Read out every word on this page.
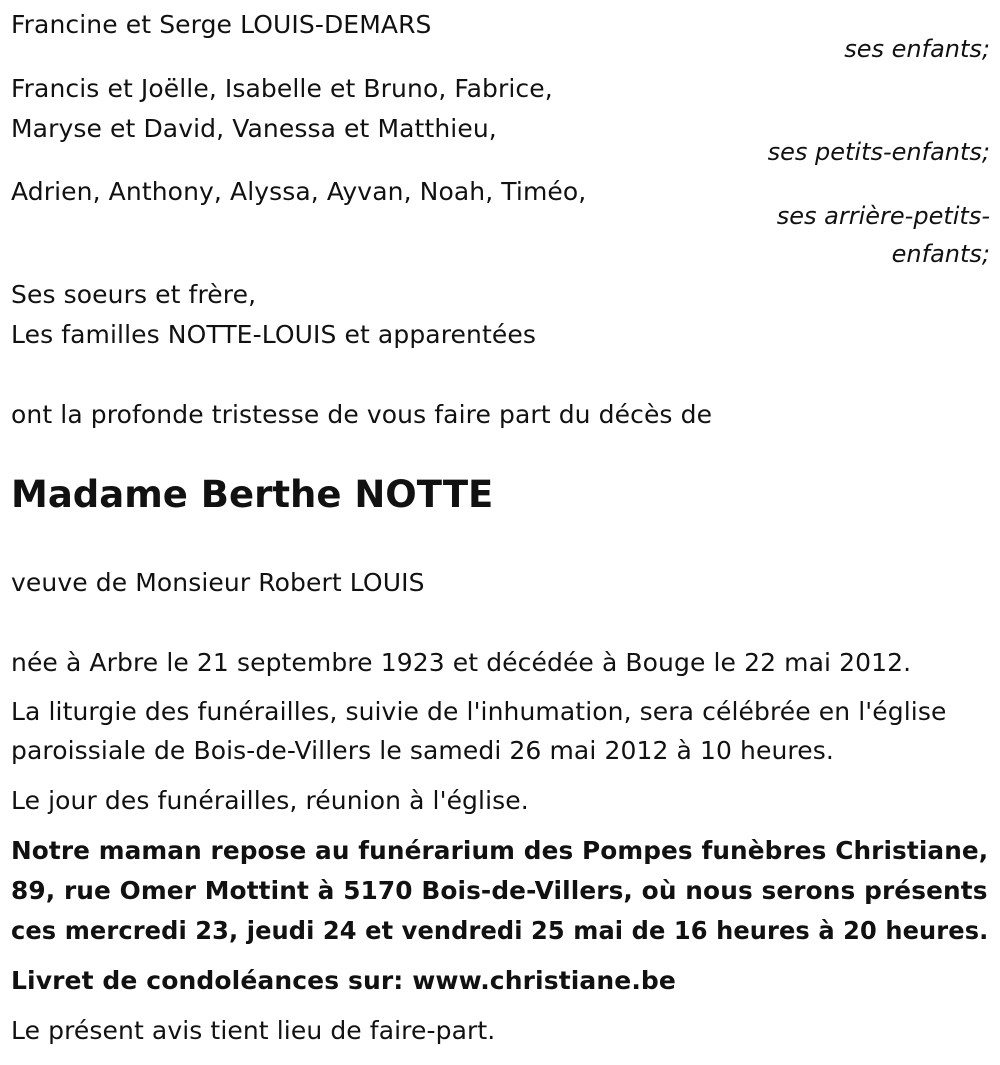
Francine et Serge LOUIS-DEMARS
ses enfants;
Francis et Joëlle, Isabelle et Bruno, Fabrice,
Maryse et David, Vanessa et Matthieu,
ses petits-enfants;
Adrien, Anthony, Alyssa, Ayvan, Noah, Timéo,
ses arrière-petits-
enfants;
Ses soeurs et frère,
Les familles NOTTE-LOUIS et apparentées
ont la profonde tristesse de vous faire part du décès de
Madame Berthe NOTTE
veuve de Monsieur Robert LOUIS
née à Arbre le 21 septembre 1923 et décédée à Bouge le 22 mai 2012.
La liturgie des funérailles, suivie de l'inhumation, sera célébrée en l'église
paroissiale de Bois-de-Villers le samedi 26 mai 2012 à 10 heures.
Le jour des funérailles, réunion à l'église.
Notre maman repose au funérarium des Pompes funèbres Christiane,
89, rue Omer Mottint à 5170 Bois-de-Villers, où nous serons présents
ces mercredi 23, jeudi 24 et vendredi 25 mai de 16 heures à 20 heures.
Livret de condoléances sur: www.christiane.be
Le présent avis tient lieu de faire-part.
